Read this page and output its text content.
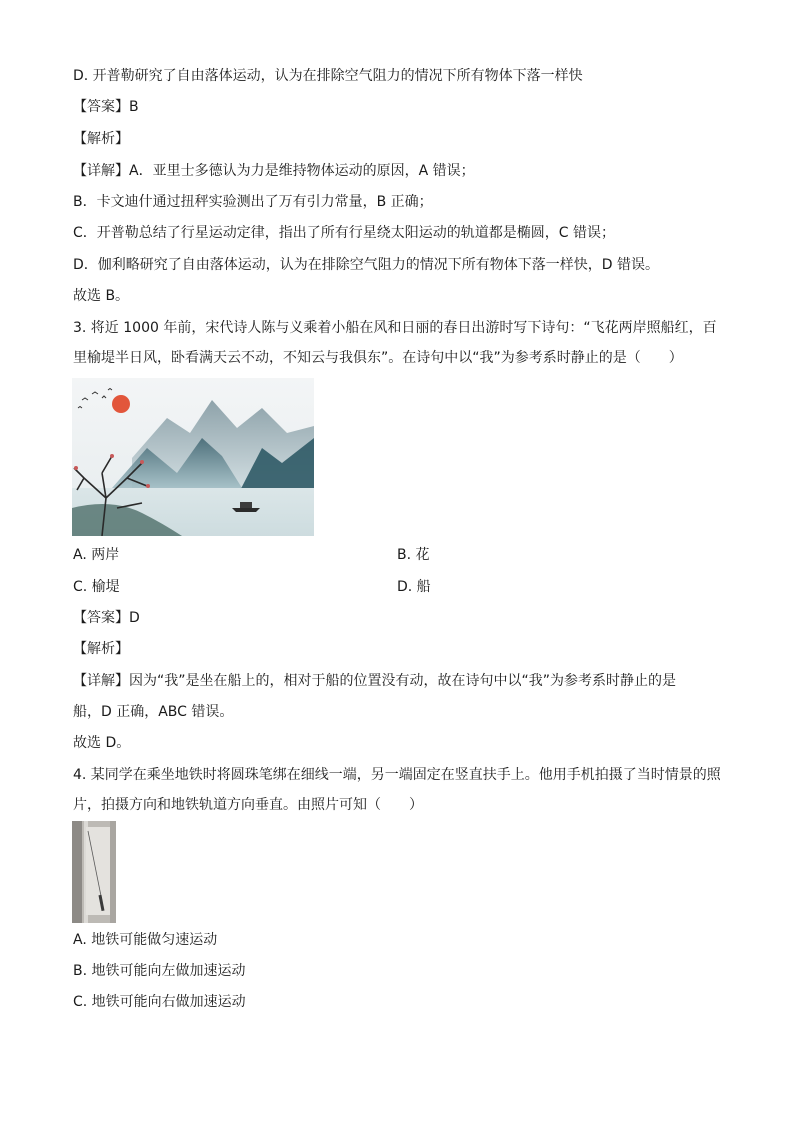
D. 开普勒研究了自由落体运动，认为在排除空气阻力的情况下所有物体下落一样快
【答案】B
【解析】
【详解】A．亚里士多德认为力是维持物体运动的原因，A 错误；
B．卡文迪什通过扭秤实验测出了万有引力常量，B 正确；
C．开普勒总结了行星运动定律，指出了所有行星绕太阳运动的轨道都是椭圆，C 错误；
D．伽利略研究了自由落体运动，认为在排除空气阻力的情况下所有物体下落一样快，D 错误。
故选 B。
3. 将近 1000 年前，宋代诗人陈与义乘着小船在风和日丽的春日出游时写下诗句：“飞花两岸照船红，百
里榆堤半日风，卧看满天云不动，不知云与我俱东”。在诗句中以“我”为参考系时静止的是（　　）
A. 两岸	B. 花
C. 榆堤	D. 船
【答案】D
【解析】
【详解】因为“我”是坐在船上的，相对于船的位置没有动，故在诗句中以“我”为参考系时静止的是
船，D 正确，ABC 错误。
故选 D。
4. 某同学在乘坐地铁时将圆珠笔绑在细线一端，另一端固定在竖直扶手上。他用手机拍摄了当时情景的照
片，拍摄方向和地铁轨道方向垂直。由照片可知（　　）
A. 地铁可能做匀速运动
B. 地铁可能向左做加速运动
C. 地铁可能向右做加速运动
